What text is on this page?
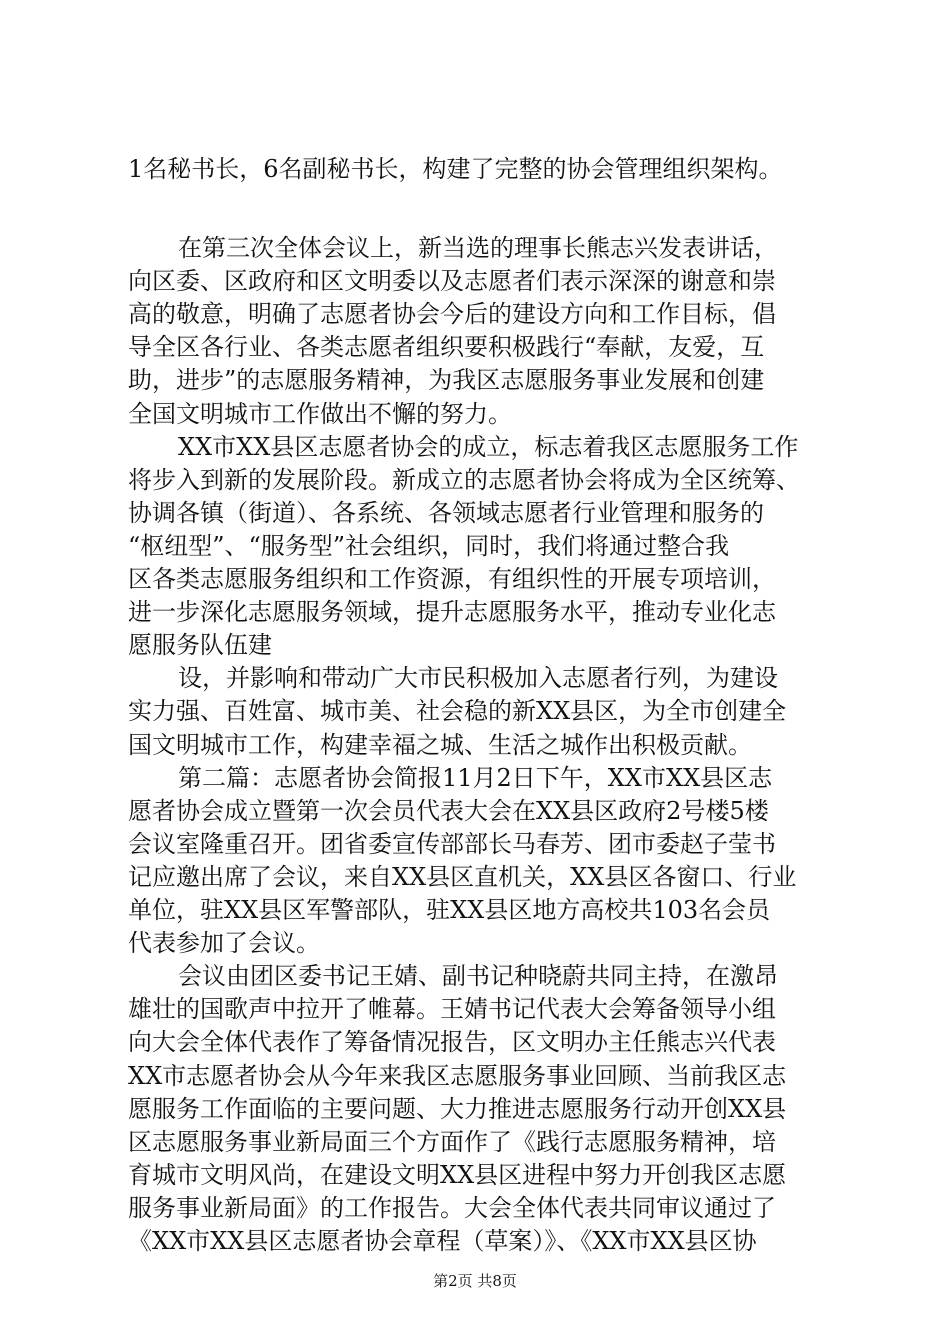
1名秘书长，6名副秘书长，构建了完整的协会管理组织架构。
在第三次全体会议上，新当选的理事长熊志兴发表讲话，
向区委、区政府和区文明委以及志愿者们表示深深的谢意和崇
高的敬意，明确了志愿者协会今后的建设方向和工作目标，倡
导全区各行业、各类志愿者组织要积极践行“奉献，友爱，互
助，进步”的志愿服务精神，为我区志愿服务事业发展和创建
全国文明城市工作做出不懈的努力。
XX市XX县区志愿者协会的成立，标志着我区志愿服务工作
将步入到新的发展阶段。新成立的志愿者协会将成为全区统筹、
协调各镇（街道）、各系统、各领域志愿者行业管理和服务的
“枢纽型”、“服务型”社会组织，同时，我们将通过整合我
区各类志愿服务组织和工作资源，有组织性的开展专项培训，
进一步深化志愿服务领域，提升志愿服务水平，推动专业化志
愿服务队伍建
设，并影响和带动广大市民积极加入志愿者行列，为建设
实力强、百姓富、城市美、社会稳的新XX县区，为全市创建全
国文明城市工作，构建幸福之城、生活之城作出积极贡献。
第二篇：志愿者协会简报11月2日下午，XX市XX县区志
愿者协会成立暨第一次会员代表大会在XX县区政府2号楼5楼
会议室隆重召开。团省委宣传部部长马春芳、团市委赵子莹书
记应邀出席了会议，来自XX县区直机关，XX县区各窗口、行业
单位，驻XX县区军警部队，驻XX县区地方高校共103名会员
代表参加了会议。
会议由团区委书记王婧、副书记种晓蔚共同主持，在激昂
雄壮的国歌声中拉开了帷幕。王婧书记代表大会筹备领导小组
向大会全体代表作了筹备情况报告，区文明办主任熊志兴代表
XX市志愿者协会从今年来我区志愿服务事业回顾、当前我区志
愿服务工作面临的主要问题、大力推进志愿服务行动开创XX县
区志愿服务事业新局面三个方面作了《践行志愿服务精神，培
育城市文明风尚，在建设文明XX县区进程中努力开创我区志愿
服务事业新局面》的工作报告。大会全体代表共同审议通过了
《XX市XX县区志愿者协会章程（草案）》、《XX市XX县区协
第2页 共8页
